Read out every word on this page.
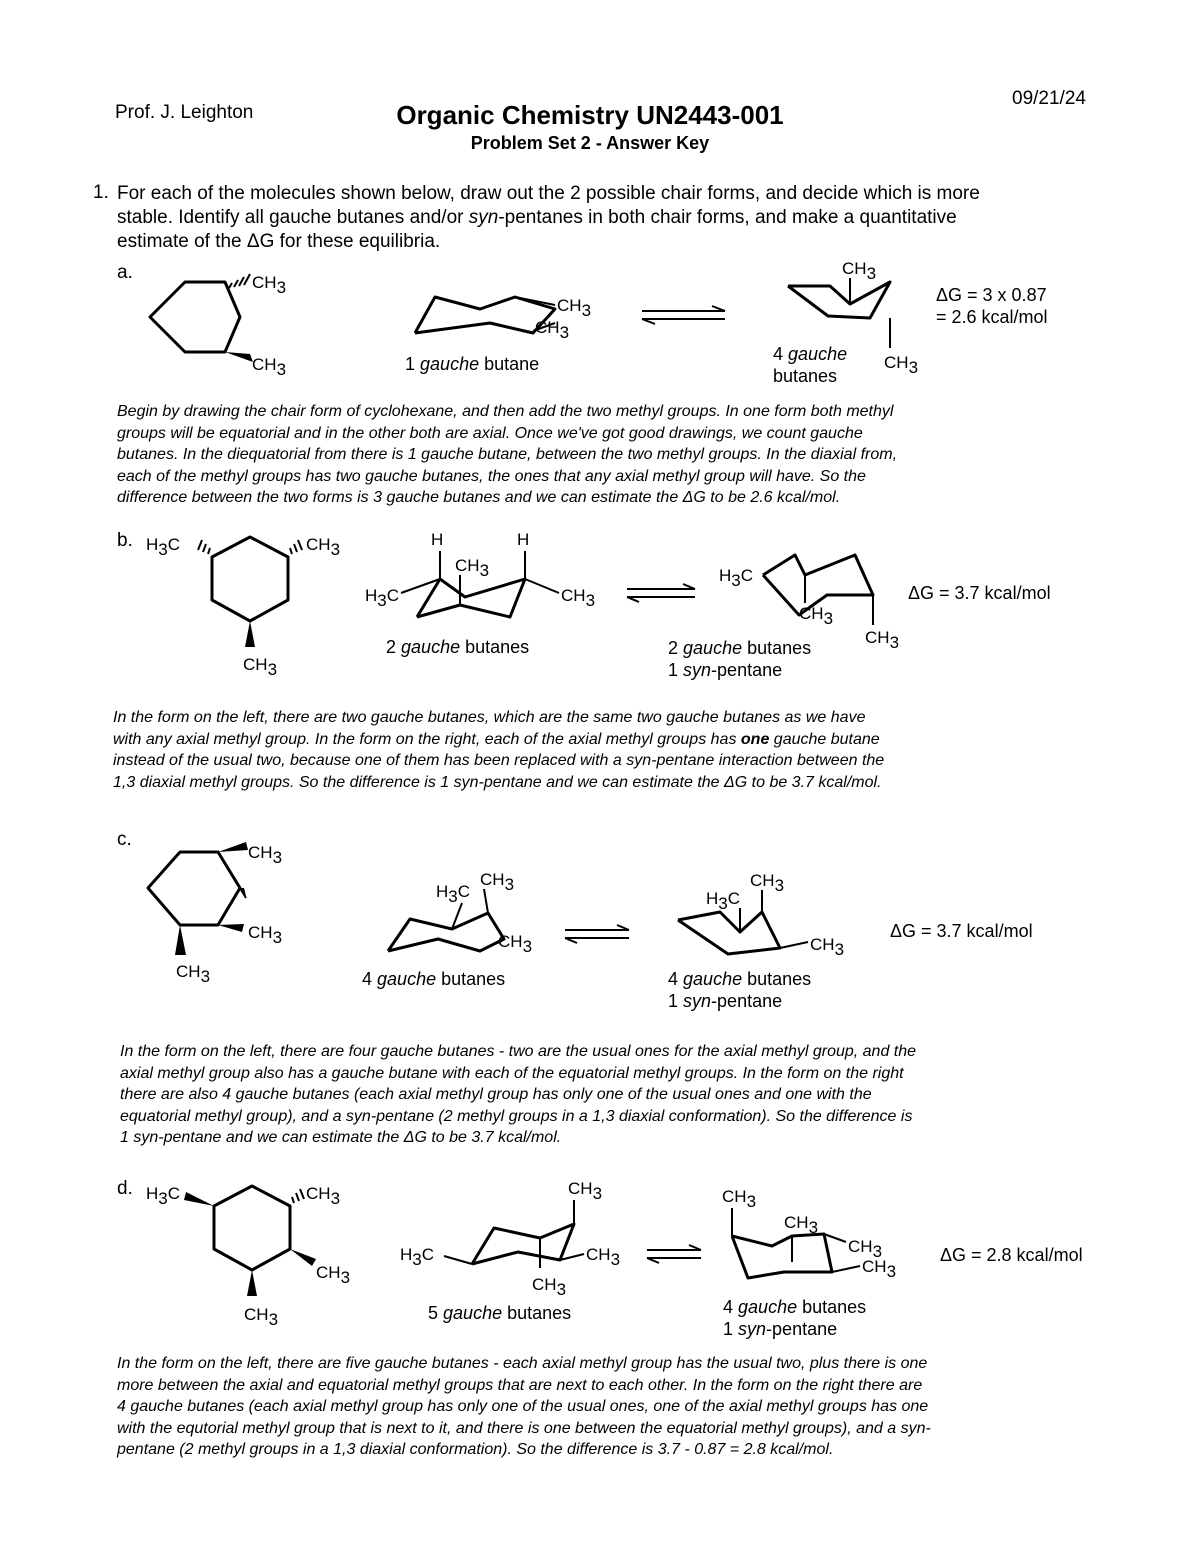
Prof. J. Leighton	Organic Chemistry UN2443-001
Problem Set 2 - Answer Key
09/21/24
1. For each of the molecules shown below, draw out the 2 possible chair forms, and decide which is more
stable. Identify all gauche butanes and/or syn-pentanes in both chair forms, and make a quantitative
estimate of the ΔG for these equilibria.
a.	CH3
CH3
CH3
CH3
1 gauche butane
CH3
CH3
4 gauche
butanes
ΔG = 3 x 0.87
= 2.6 kcal/mol
Begin by drawing the chair form of cyclohexane, and then add the two methyl groups. In one form both methyl
groups will be equatorial and in the other both are axial. Once we've got good drawings, we count gauche
butanes. In the diequatorial from there is 1 gauche butane, between the two methyl groups. In the diaxial from,
each of the methyl groups has two gauche butanes, the ones that any axial methyl group will have. So the
difference between the two forms is 3 gauche butanes and we can estimate the ΔG to be 2.6 kcal/mol.
b. H3C	CH3
CH3
H	H
CH3
H3C	CH3
2 gauche butanes
H3C
CH3
CH3
2 gauche butanes
1 syn-pentane
ΔG = 3.7 kcal/mol
In the form on the left, there are two gauche butanes, which are the same two gauche butanes as we have
with any axial methyl group. In the form on the right, each of the axial methyl groups has one gauche butane
instead of the usual two, because one of them has been replaced with a syn-pentane interaction between the
1,3 diaxial methyl groups. So the difference is 1 syn-pentane and we can estimate the ΔG to be 3.7 kcal/mol.
c.
CH3
CH3
CH3
H3C
CH3
CH3
4 gauche butanes
H3C
CH3
CH3
4 gauche butanes
1 syn-pentane
ΔG = 3.7 kcal/mol
In the form on the left, there are four gauche butanes - two are the usual ones for the axial methyl group, and the
axial methyl group also has a gauche butane with each of the equatorial methyl groups. In the form on the right
there are also 4 gauche butanes (each axial methyl group has only one of the usual ones and one with the
equatorial methyl group), and a syn-pentane (2 methyl groups in a 1,3 diaxial conformation). So the difference is
1 syn-pentane and we can estimate the ΔG to be 3.7 kcal/mol.
d. H3C	CH3
CH3
CH3
CH3
H3C	CH3
CH3
5 gauche butanes
CH3
CH3
CH3
CH3
4 gauche butanes
1 syn-pentane
ΔG = 2.8 kcal/mol
In the form on the left, there are five gauche butanes - each axial methyl group has the usual two, plus there is one
more between the axial and equatorial methyl groups that are next to each other. In the form on the right there are
4 gauche butanes (each axial methyl group has only one of the usual ones, one of the axial methyl groups has one
with the equtorial methyl group that is next to it, and there is one between the equatorial methyl groups), and a syn-
pentane (2 methyl groups in a 1,3 diaxial conformation). So the difference is 3.7 - 0.87 = 2.8 kcal/mol.
